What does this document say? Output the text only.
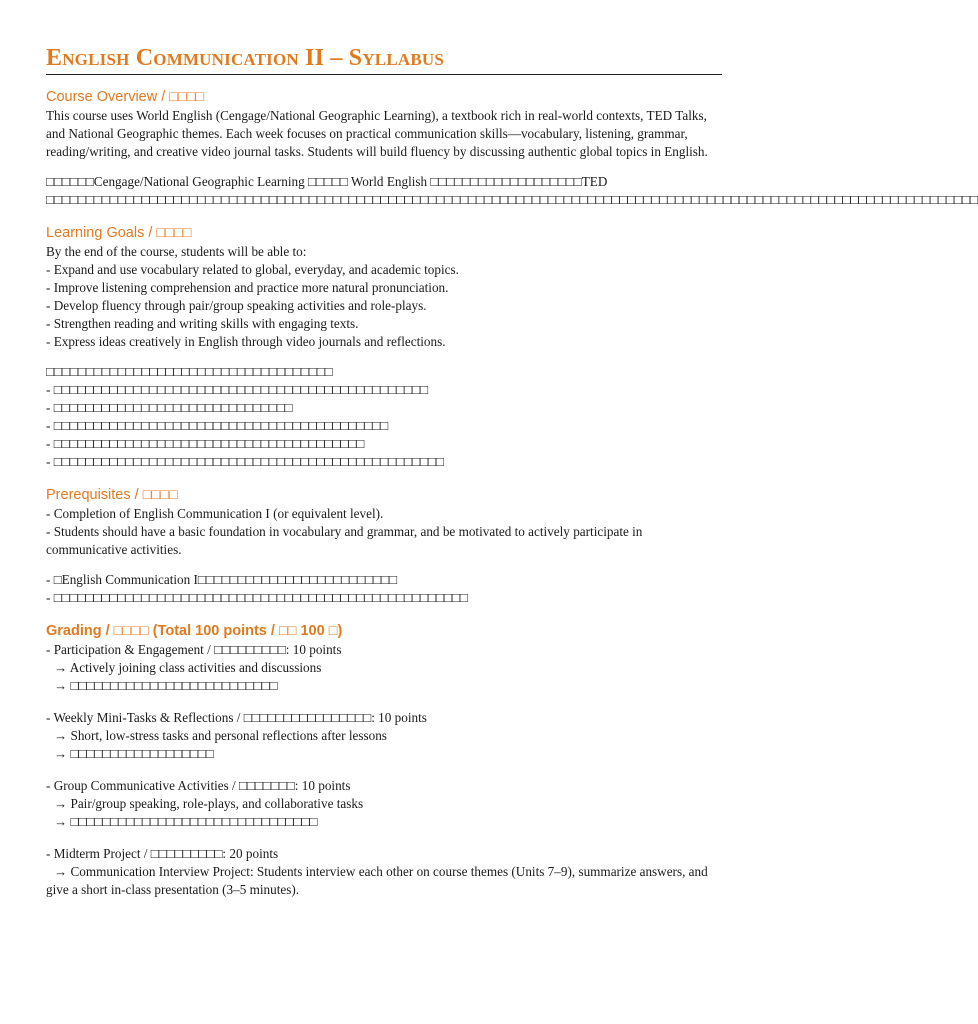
English Communication II – Syllabus
Course Overview / □□□□

This course uses World English (Cengage/National Geographic Learning), a textbook rich in real-world contexts, TED Talks, and National Geographic themes. Each week focuses on practical communication skills—vocabulary, listening, grammar, reading/writing, and creative video journal tasks. Students will build fluency by discussing authentic global topics in English.

□□□□□□Cengage/National Geographic Learning □□□□□ World English □□□□□□□□□□□□□□□□□□□TED □□□□□□□□□□□□□□□□□□□□□□□□□□□□□□□□□□□□□□□□□□□□□□□□□□□□□□□□□□□□□□□□□□□□□□□□□□□□□□□□□□□□□□□□□□□□□□□□□□□□□□□□□□□□□□□□□□□□□

Learning Goals / □□□□

By the end of the course, students will be able to:

- Expand and use vocabulary related to global, everyday, and academic topics.
- Improve listening comprehension and practice more natural pronunciation.
- Develop fluency through pair/group speaking activities and role-plays.
- Strengthen reading and writing skills with engaging texts.
- Express ideas creatively in English through video journals and reflections.

□□□□□□□□□□□□□□□□□□□□□□□□□□□□□□□□□□□□

- □□□□□□□□□□□□□□□□□□□□□□□□□□□□□□□□□□□□□□□□□□□□□□□
- □□□□□□□□□□□□□□□□□□□□□□□□□□□□□□
- □□□□□□□□□□□□□□□□□□□□□□□□□□□□□□□□□□□□□□□□□□
- □□□□□□□□□□□□□□□□□□□□□□□□□□□□□□□□□□□□□□□
- □□□□□□□□□□□□□□□□□□□□□□□□□□□□□□□□□□□□□□□□□□□□□□□□□
Prerequisites / □□□□
- Completion of English Communication I (or equivalent level).
- Students should have a basic foundation in vocabulary and grammar, and be motivated to actively participate in communicative activities.
- □English Communication I□□□□□□□□□□□□□□□□□□□□□□□□□
- □□□□□□□□□□□□□□□□□□□□□□□□□□□□□□□□□□□□□□□□□□□□□□□□□□□□
Grading / □□□□ (Total 100 points / □□ 100 □)
- Participation & Engagement / □□□□□□□□□: 10 points
→ Actively joining class activities and discussions
→ □□□□□□□□□□□□□□□□□□□□□□□□□□
- Weekly Mini-Tasks & Reflections / □□□□□□□□□□□□□□□□: 10 points
→ Short, low-stress tasks and personal reflections after lessons
→ □□□□□□□□□□□□□□□□□□
- Group Communicative Activities / □□□□□□□: 10 points
→ Pair/group speaking, role-plays, and collaborative tasks
→ □□□□□□□□□□□□□□□□□□□□□□□□□□□□□□□
- Midterm Project / □□□□□□□□□: 20 points
→ Communication Interview Project: Students interview each other on course themes (Units 7–9), summarize answers, and give a short in-class presentation (3–5 minutes).
